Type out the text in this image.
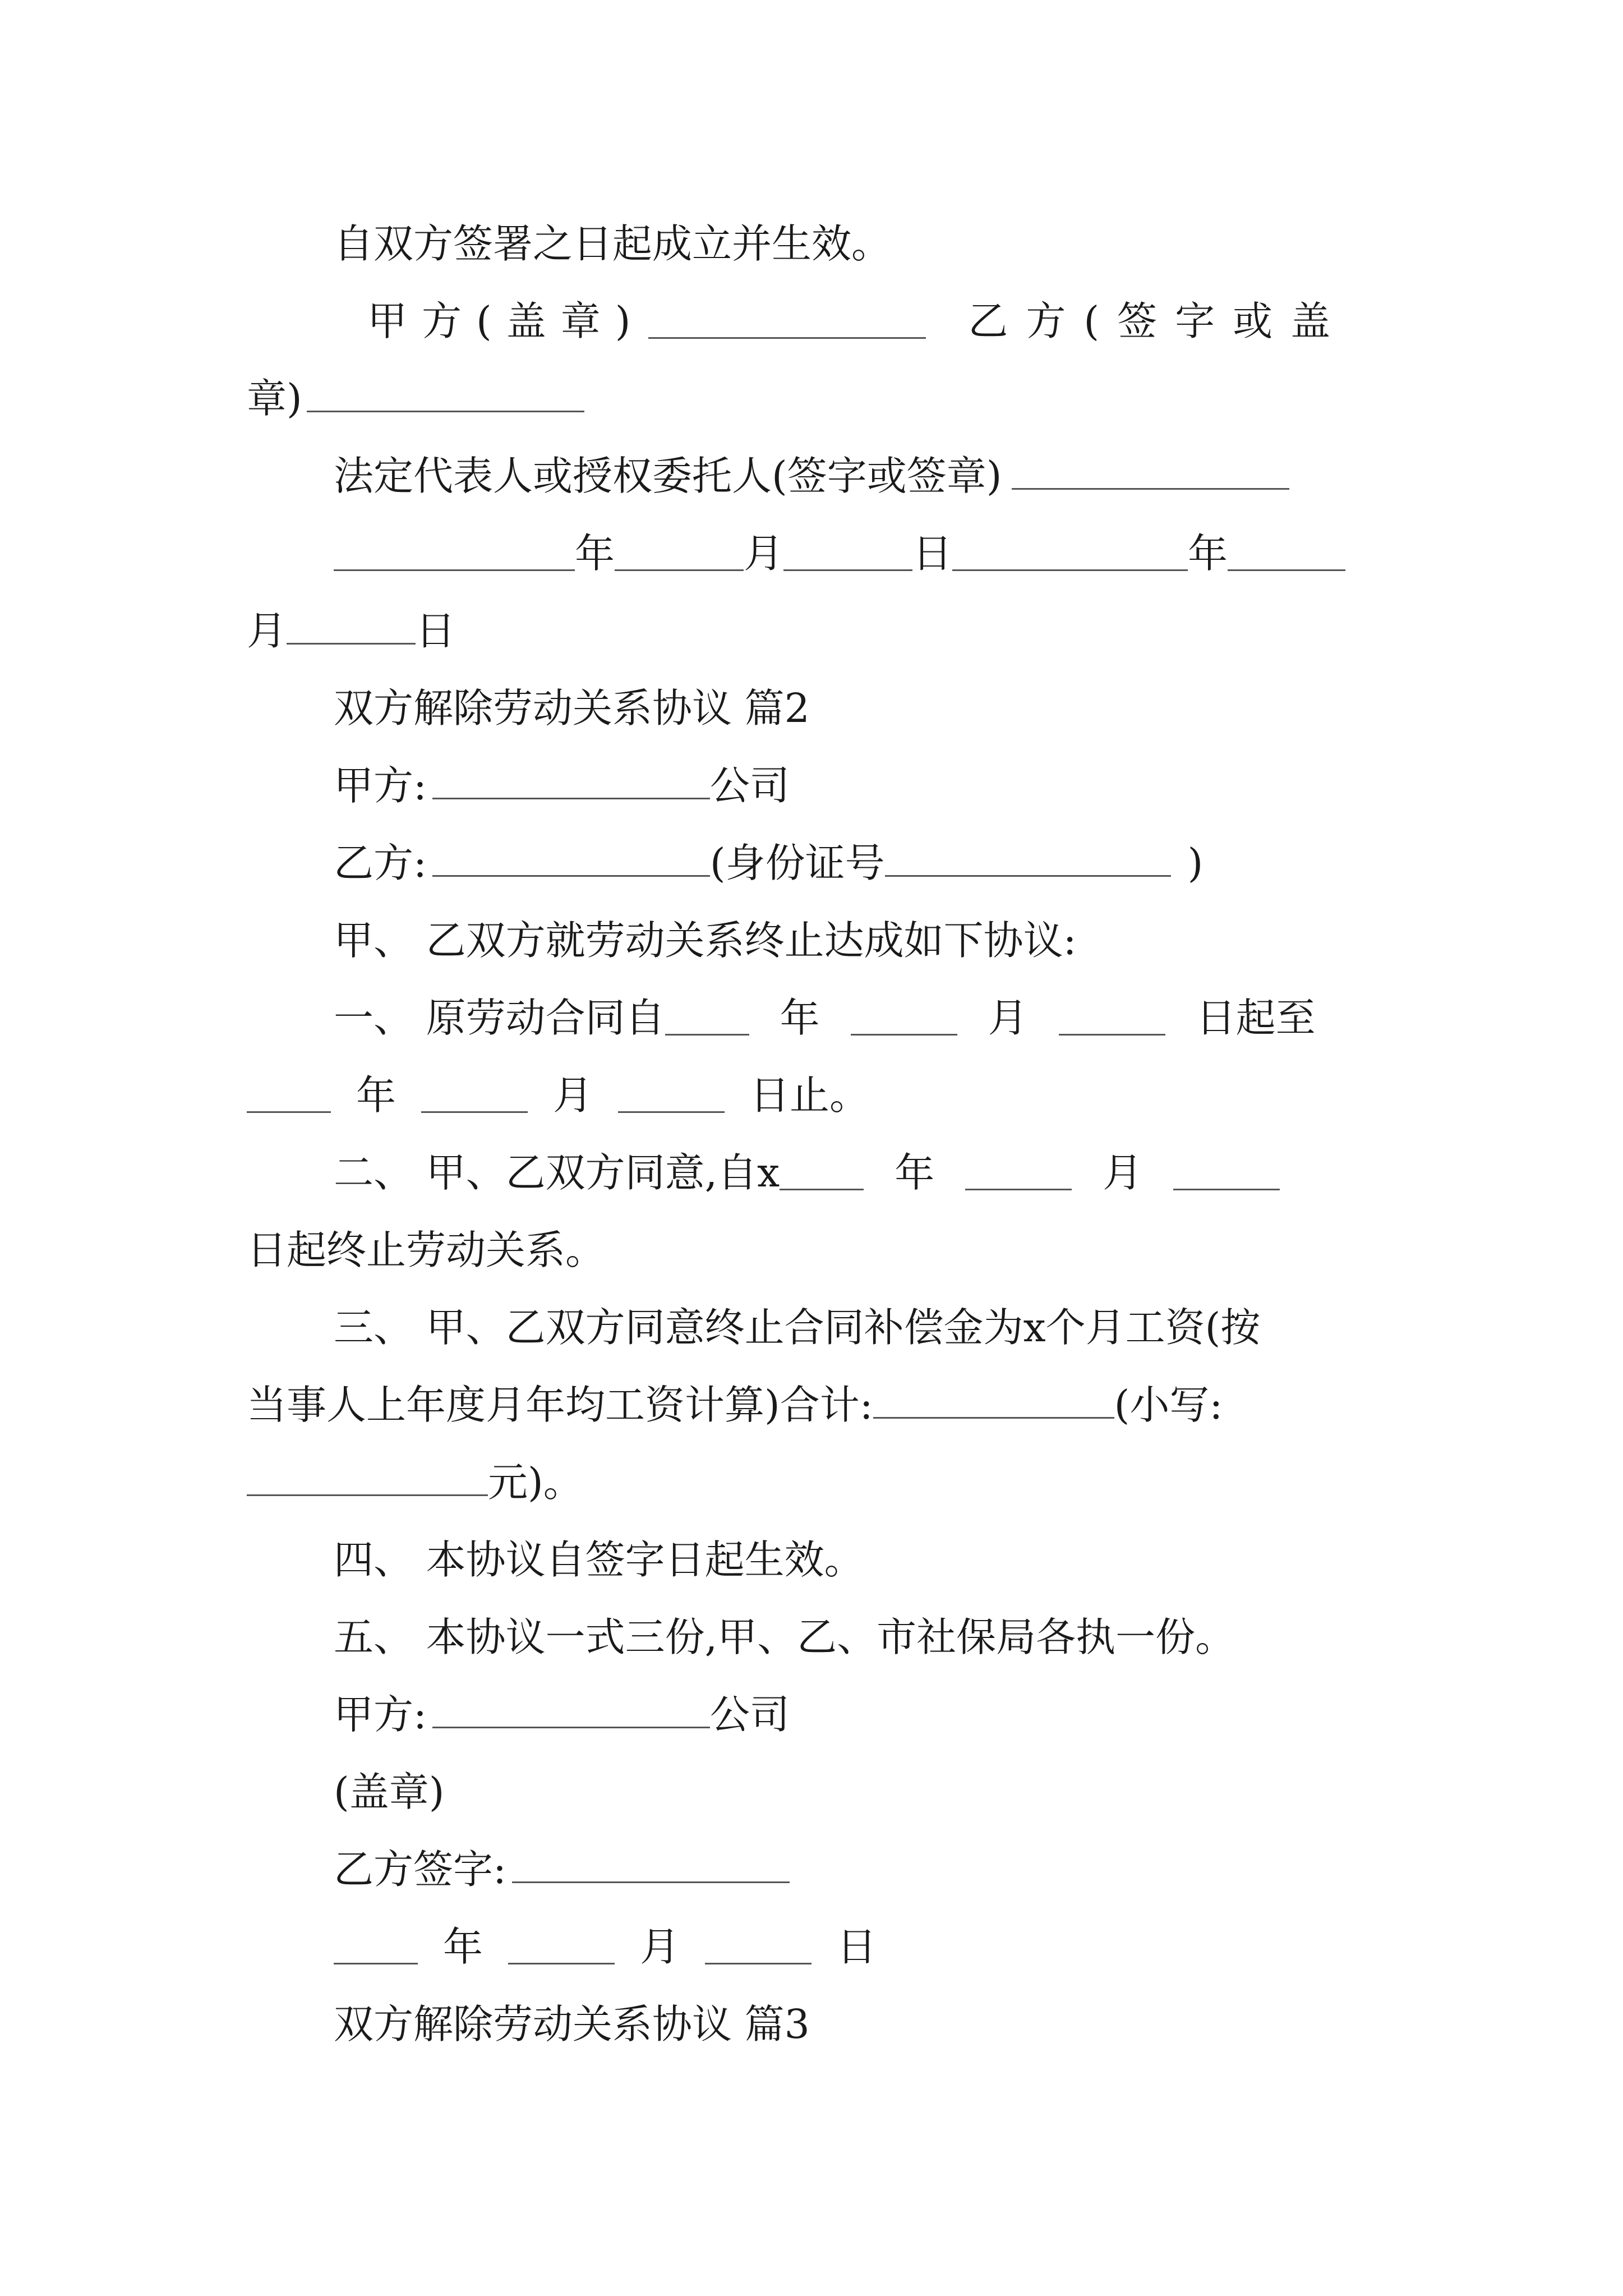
自双方签署之日起成立并生效。
甲方(盖章)	乙方(签字或盖
章)
法定代表人或授权委托人(签字或签章)
年	月	日	年
月	日
双方解除劳动关系协议 篇2
甲方:	公司
乙方:	(身份证号	)
甲、 乙双方就劳动关系终止达成如下协议:
一、 原劳动合同自	年	月	日起至
年	月	日止。
二、 甲、乙双方同意,自x	年	月
日起终止劳动关系。
三、 甲、乙双方同意终止合同补偿金为x个月工资(按
当事人上年度月年均工资计算)合计:	(小写:
元)。
四、 本协议自签字日起生效。
五、 本协议一式三份,甲、乙、市社保局各执一份。
甲方:	公司
(盖章)
乙方签字:
年	月	日
双方解除劳动关系协议 篇3
